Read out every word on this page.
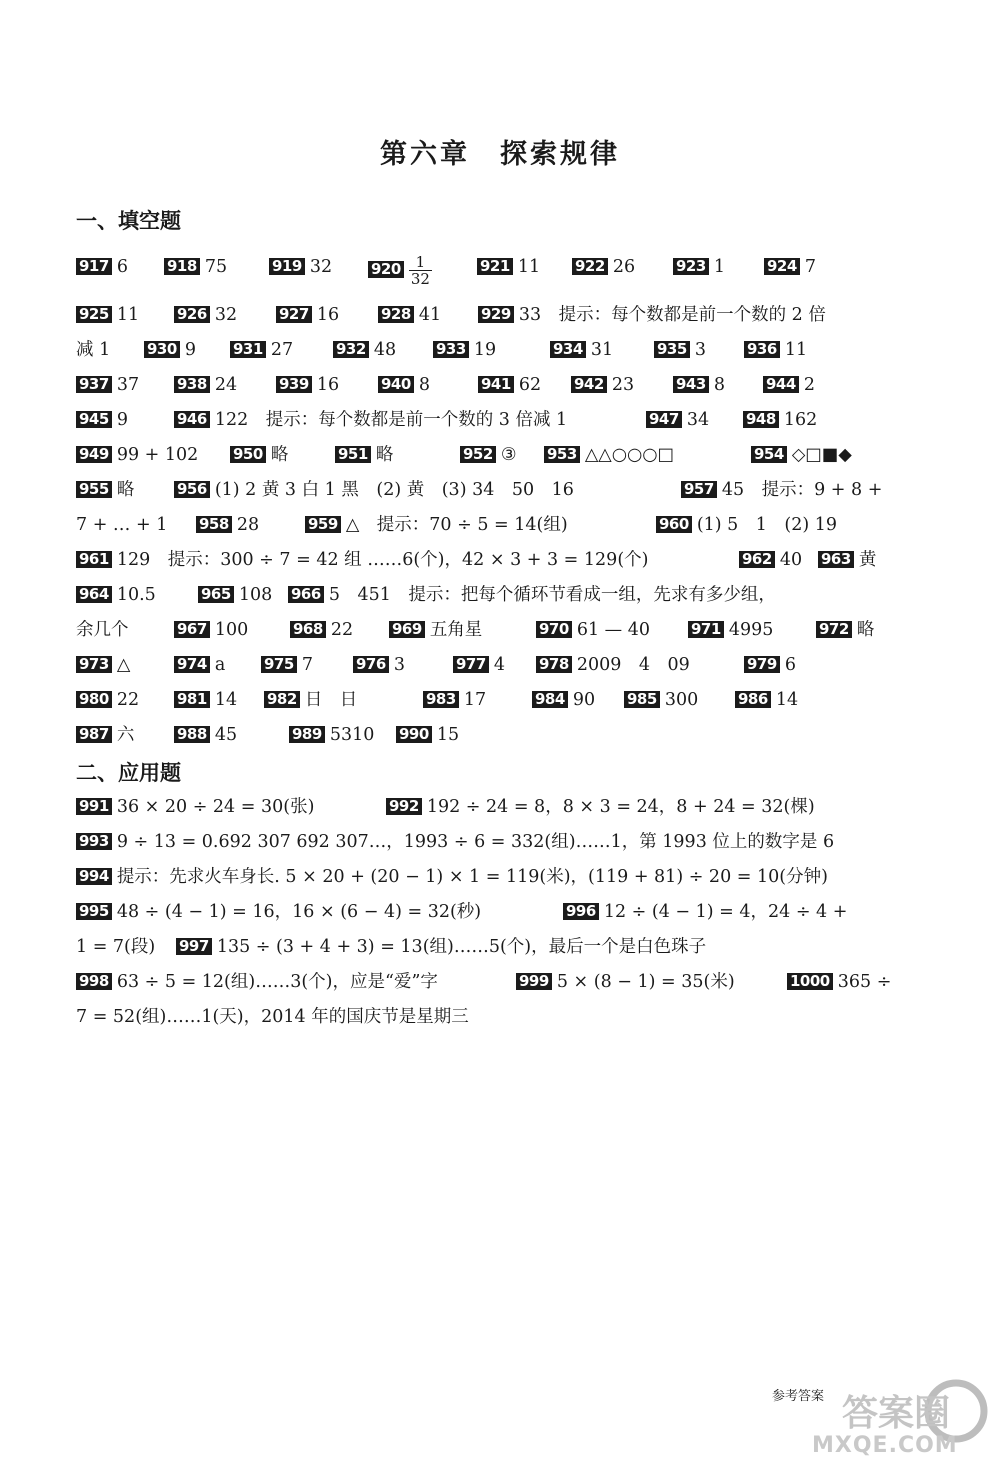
第六章　探索规律
一、填空题
917 6	918 75	919 32	$920 \frac{1}{32}$	921 11 922 26	923 1	924 7
925 11	926 32	927 16	928 41	929 33　提示：每个数都是前一个数的 2 倍
减 1 930 9 931 27	932 48	933 19	934 31	935 3	936 11
937 37	938 24	939 16	940 8	941 62 942 23	943 8	944 2
945 9	946 122　提示：每个数都是前一个数的 3 倍减 1	947 34 948 162
949 99 + 102 950 略	951 略	952 ③ 953 △△○○○□	954 ◇□■◆
955 略	956 (1) 2 黄 3 白 1 黑　(2) 黄　(3) 34　50　16	957 45　提示：9 + 8 +
7 + … + 1 958 28	959 △　提示：70 ÷ 5 = 14(组)	960 (1) 5　1　(2) 19
961 129　提示：300 ÷ 7 = 42 组 ……6(个)，42 × 3 + 3 = 129(个)	962 40 963 黄
964 10.5	965 108 966 5　451　提示：把每个循环节看成一组，先求有多少组，
余几个	967 100	968 22	969 五角星	970 61 — 40	971 4995	972 略
973 △	974 a	975 7	976 3	977 4 978 2009　4　09	979 6
980 22	981 14 982 日　日	983 17	984 90 985 300	986 14
987 六	988 45	989 5310 990 15
二、应用题
991 36 × 20 ÷ 24 = 30(张)	992 192 ÷ 24 = 8，8 × 3 = 24，8 + 24 = 32(棵)
993 9 ÷ 13 = 0.692 307 692 307…，1993 ÷ 6 = 332(组)……1，第 1993 位上的数字是 6
994 提示：先求火车身长. 5 × 20 + (20 − 1) × 1 = 119(米)，(119 + 81) ÷ 20 = 10(分钟)
995 48 ÷ (4 − 1) = 16，16 × (6 − 4) = 32(秒)	996 12 ÷ (4 − 1) = 4，24 ÷ 4 +
1 = 7(段) 997 135 ÷ (3 + 4 + 3) = 13(组)……5(个)，最后一个是白色珠子
998 63 ÷ 5 = 12(组)……3(个)，应是“爱”字	999 5 × (8 − 1) = 35(米)	1000 365 ÷
7 = 52(组)……1(天)，2014 年的国庆节是星期三
参考答案 答案圈
MXQE.COM
